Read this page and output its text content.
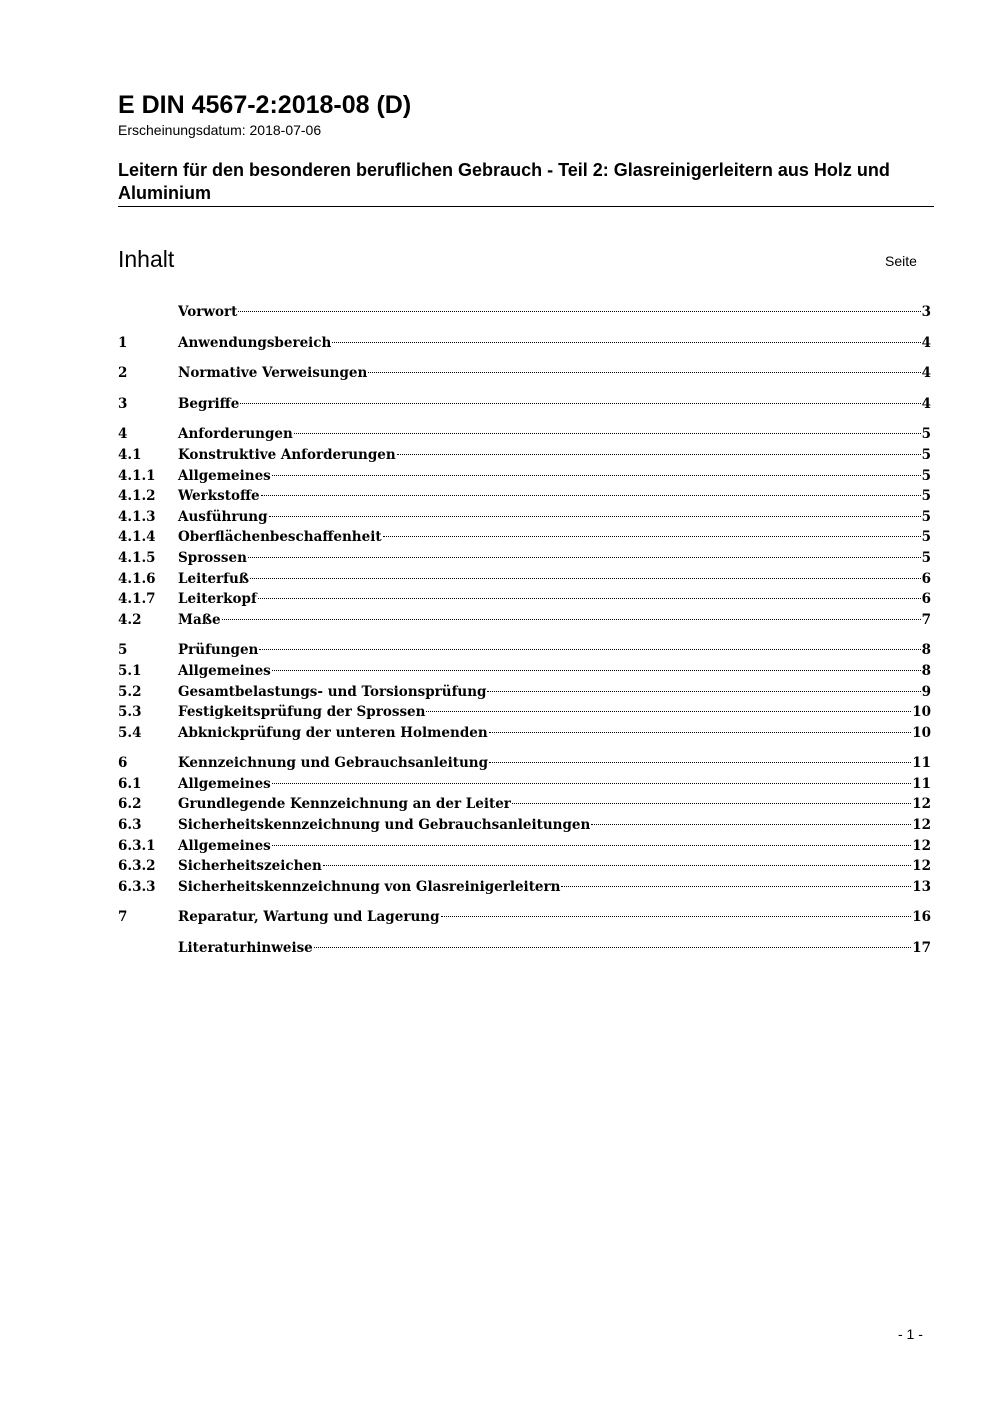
E DIN 4567-2:2018-08 (D)
Erscheinungsdatum: 2018-07-06
Leitern für den besonderen beruflichen Gebrauch - Teil 2: Glasreinigerleitern aus Holz und Aluminium
Inhalt	Seite
Vorwort	3
1	Anwendungsbereich	4
2	Normative Verweisungen	4
3	Begriffe	4
4	Anforderungen	5
4.1	Konstruktive Anforderungen	5
4.1.1	Allgemeines	5
4.1.2	Werkstoffe	5
4.1.3	Ausführung	5
4.1.4	Oberflächenbeschaffenheit	5
4.1.5	Sprossen	5
4.1.6	Leiterfuß	6
4.1.7	Leiterkopf	6
4.2	Maße	7
5	Prüfungen	8
5.1	Allgemeines	8
5.2	Gesamtbelastungs- und Torsionsprüfung	9
5.3	Festigkeitsprüfung der Sprossen	10
5.4	Abknickprüfung der unteren Holmenden	10
6	Kennzeichnung und Gebrauchsanleitung	11
6.1	Allgemeines	11
6.2	Grundlegende Kennzeichnung an der Leiter	12
6.3	Sicherheitskennzeichnung und Gebrauchsanleitungen	12
6.3.1	Allgemeines	12
6.3.2	Sicherheitszeichen	12
6.3.3	Sicherheitskennzeichnung von Glasreinigerleitern	13
7	Reparatur, Wartung und Lagerung	16
Literaturhinweise	17
- 1 -
